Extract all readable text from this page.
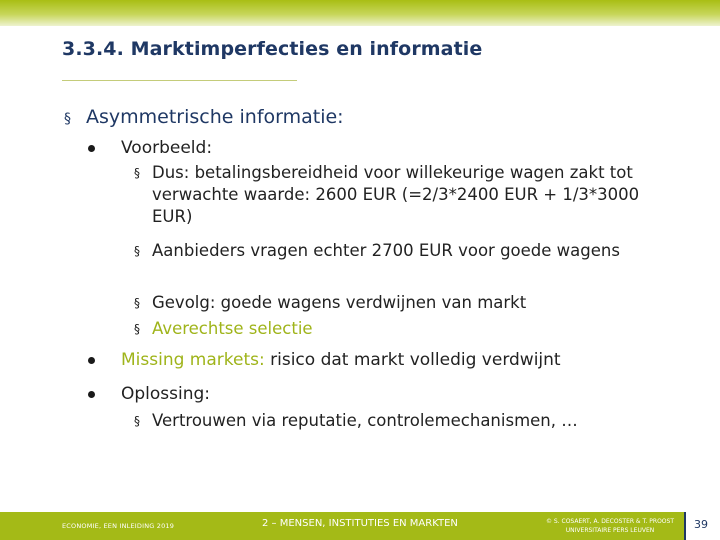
3.3.4. Marktimperfecties en informatie
§ Asymmetrische informatie:
Voorbeeld:
§ Dus: betalingsbereidheid voor willekeurige wagen zakt tot verwachte waarde: 2600 EUR (=2/3*2400 EUR + 1/3*3000 EUR)
§ Aanbieders vragen echter 2700 EUR voor goede wagens
§ Gevolg: goede wagens verdwijnen van markt
§ Averechtse selectie
Missing markets: risico dat markt volledig verdwijnt
Oplossing:
§ Vertrouwen via reputatie, controlemechanismen, …
ECONOMIE, EEN INLEIDING 2019	2 – MENSEN, INSTITUTIES EN MARKTEN	© S. COSAERT, A. DECOSTER & T. PROOST
UNIVERSITAIRE PERS LEUVEN	39
